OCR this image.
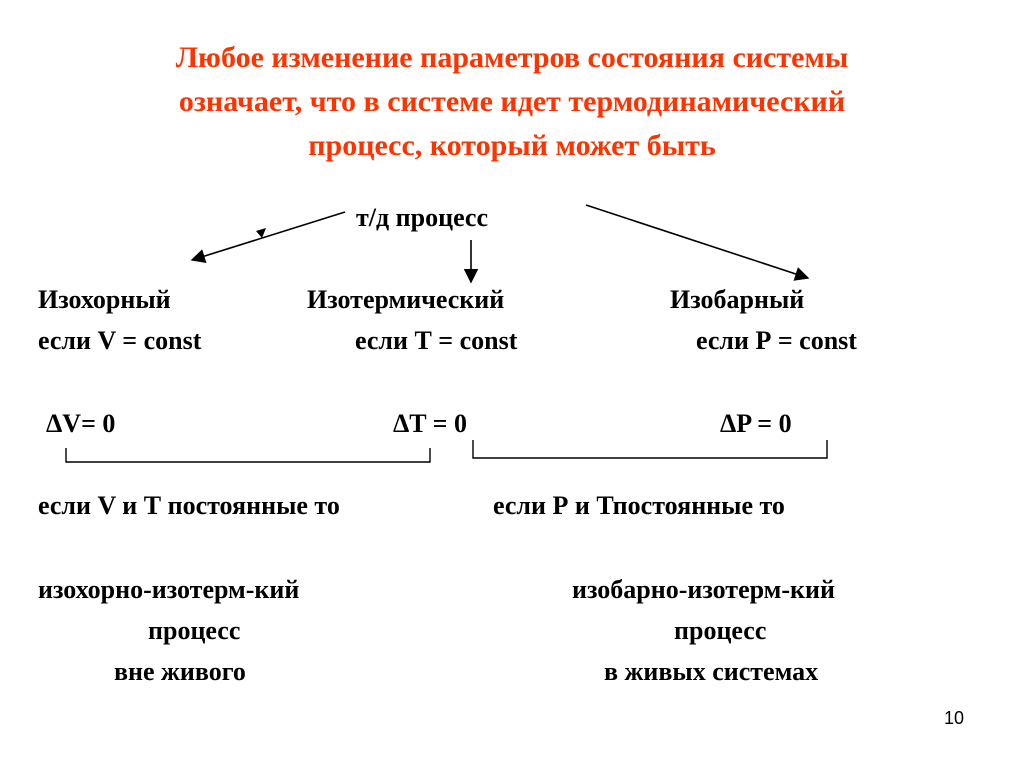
Любое изменение параметров состояния системы
означает, что в системе идет термодинамический
процесс, который может быть

т/д процесс

Изохорный

если V = const

ΔV= 0

Изотермический

если Т = const

ΔT = 0

Изобарный

если Р = const

ΔP = 0

если V и Т постоянные то	если Р и Тпостоянные то

изохорно-изотерм-кий

процесс

вне живого

изобарно-изотерм-кий

процесс

в живых системах

10
